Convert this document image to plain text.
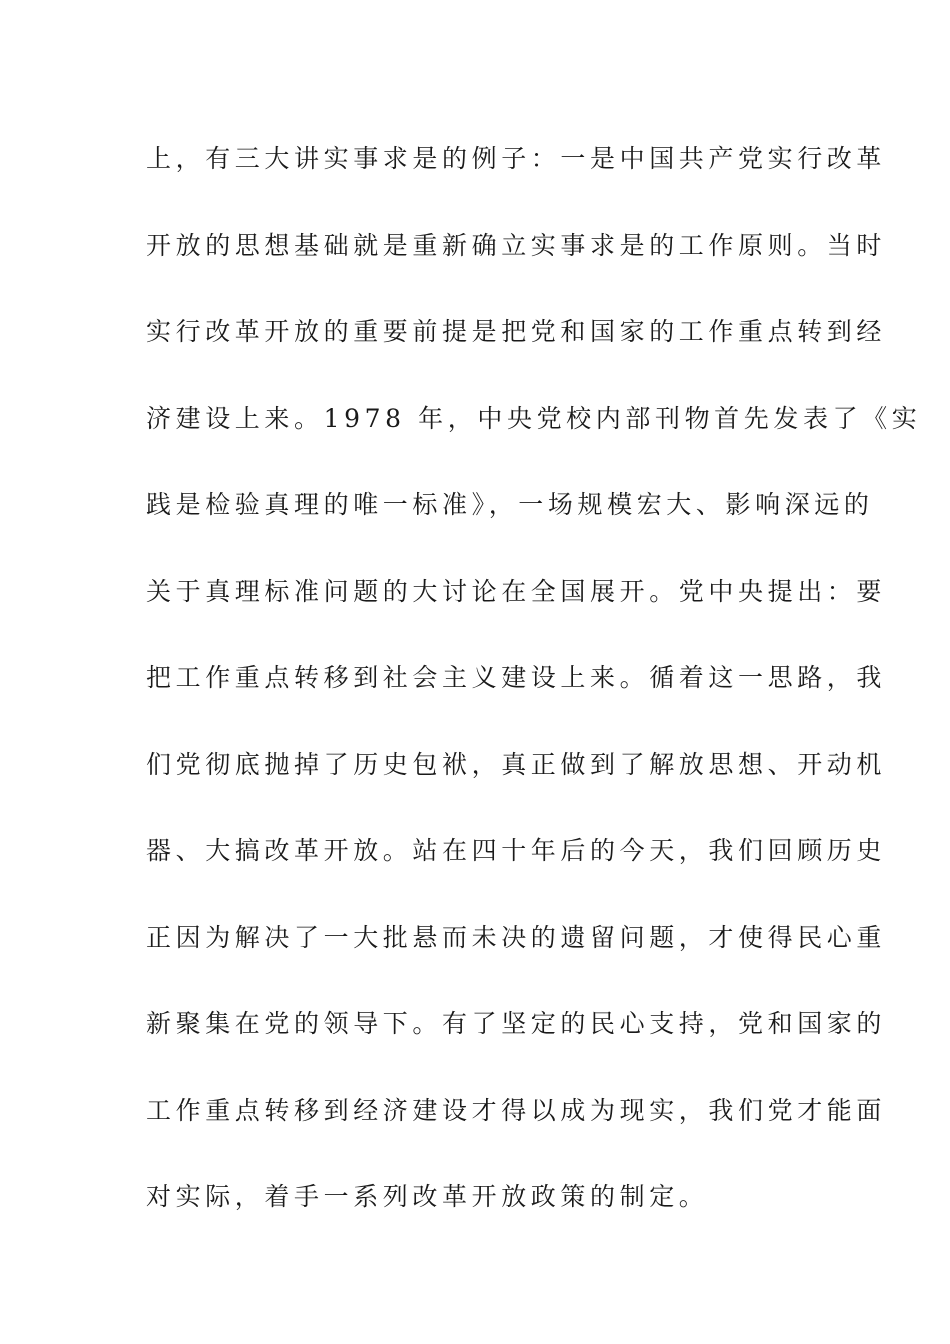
上，有三大讲实事求是的例子：一是中国共产党实行改革
开放的思想基础就是重新确立实事求是的工作原则。当时
实行改革开放的重要前提是把党和国家的工作重点转到经
济建设上来。1978 年，中央党校内部刊物首先发表了《实
践是检验真理的唯一标准》，一场规模宏大、影响深远的
关于真理标准问题的大讨论在全国展开。党中央提出：要
把工作重点转移到社会主义建设上来。循着这一思路，我
们党彻底抛掉了历史包袱，真正做到了解放思想、开动机
器、大搞改革开放。站在四十年后的今天，我们回顾历史
正因为解决了一大批悬而未决的遗留问题，才使得民心重
新聚集在党的领导下。有了坚定的民心支持，党和国家的
工作重点转移到经济建设才得以成为现实，我们党才能面
对实际，着手一系列改革开放政策的制定。
